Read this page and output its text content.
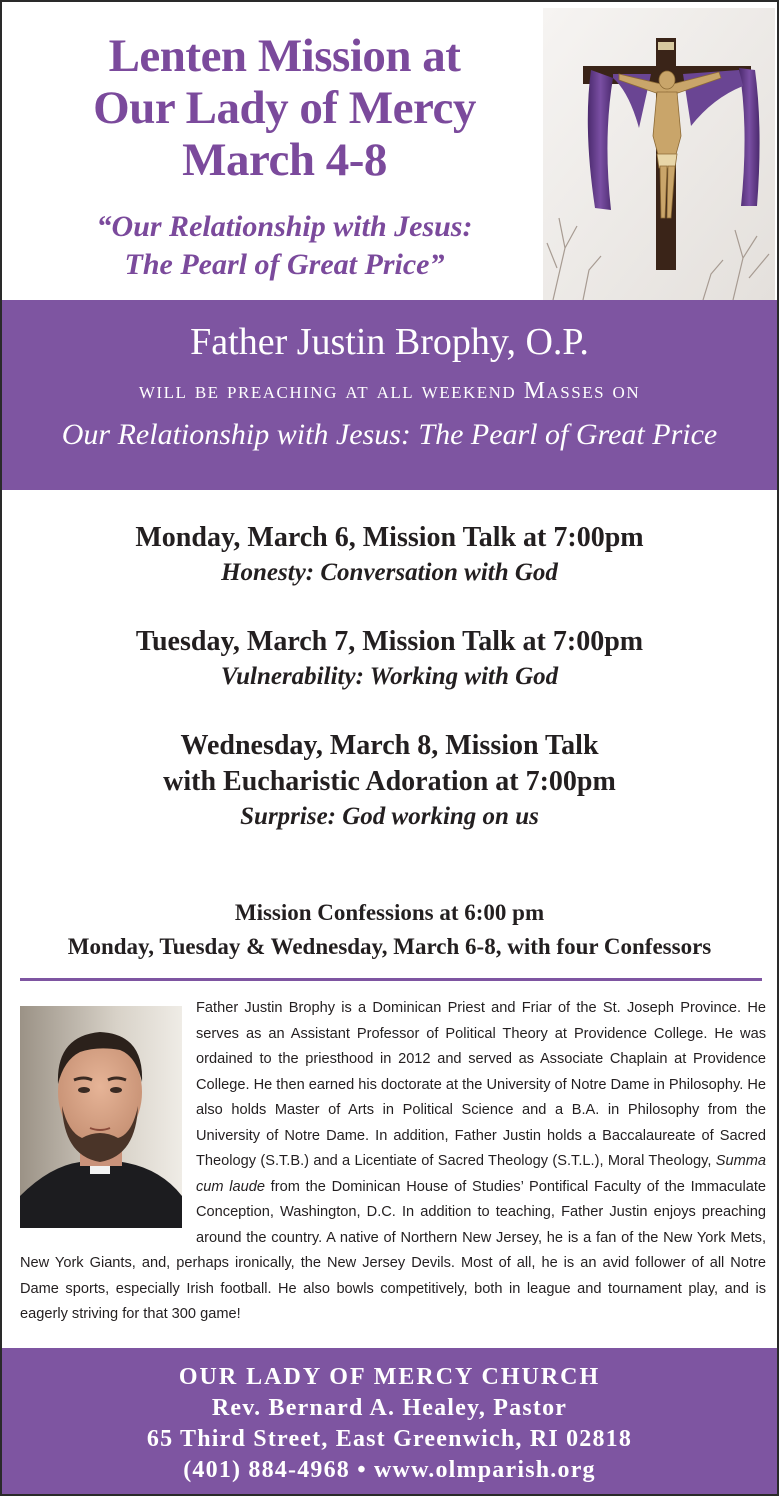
Lenten Mission at
Our Lady of Mercy
March 4-8
“Our Relationship with Jesus:
The Pearl of Great Price”
Father Justin Brophy, O.P.
will be preaching at all weekend Masses on
Our Relationship with Jesus: The Pearl of Great Price
Monday, March 6, Mission Talk at 7:00pm
Honesty: Conversation with God
Tuesday, March 7, Mission Talk at 7:00pm
Vulnerability: Working with God
Wednesday, March 8, Mission Talk
with Eucharistic Adoration at 7:00pm
Surprise: God working on us
Mission Confessions at 6:00 pm
Monday, Tuesday & Wednesday, March 6-8, with four Confessors
Father Justin Brophy is a Dominican Priest and Friar of the St. Joseph Province. He serves as an Assistant Professor of Political Theory at Providence College. He was ordained to the priesthood in 2012 and served as Associate Chaplain at Providence College. He then earned his doctorate at the University of Notre Dame in Philosophy. He also holds Master of Arts in Political Science and a B.A. in Philosophy from the University of Notre Dame. In addition, Father Justin holds a Baccalaureate of Sacred Theology (S.T.B.) and a Licentiate of Sacred Theology (S.T.L.), Moral Theology, Summa cum laude from the Dominican House of Studies’ Pontifical Faculty of the Immaculate Conception, Washington, D.C. In addition to teaching, Father Justin enjoys preaching around the country. A native of Northern New Jersey, he is a fan of the New York Mets, New York Giants, and, perhaps ironically, the New Jersey Devils. Most of all, he is an avid follower of all Notre Dame sports, especially Irish football. He also bowls competitively, both in league and tournament play, and is eagerly striving for that 300 game!
OUR LADY OF MERCY CHURCH
Rev. Bernard A. Healey, Pastor
65 Third Street, East Greenwich, RI 02818
(401) 884-4968 • www.olmparish.org
